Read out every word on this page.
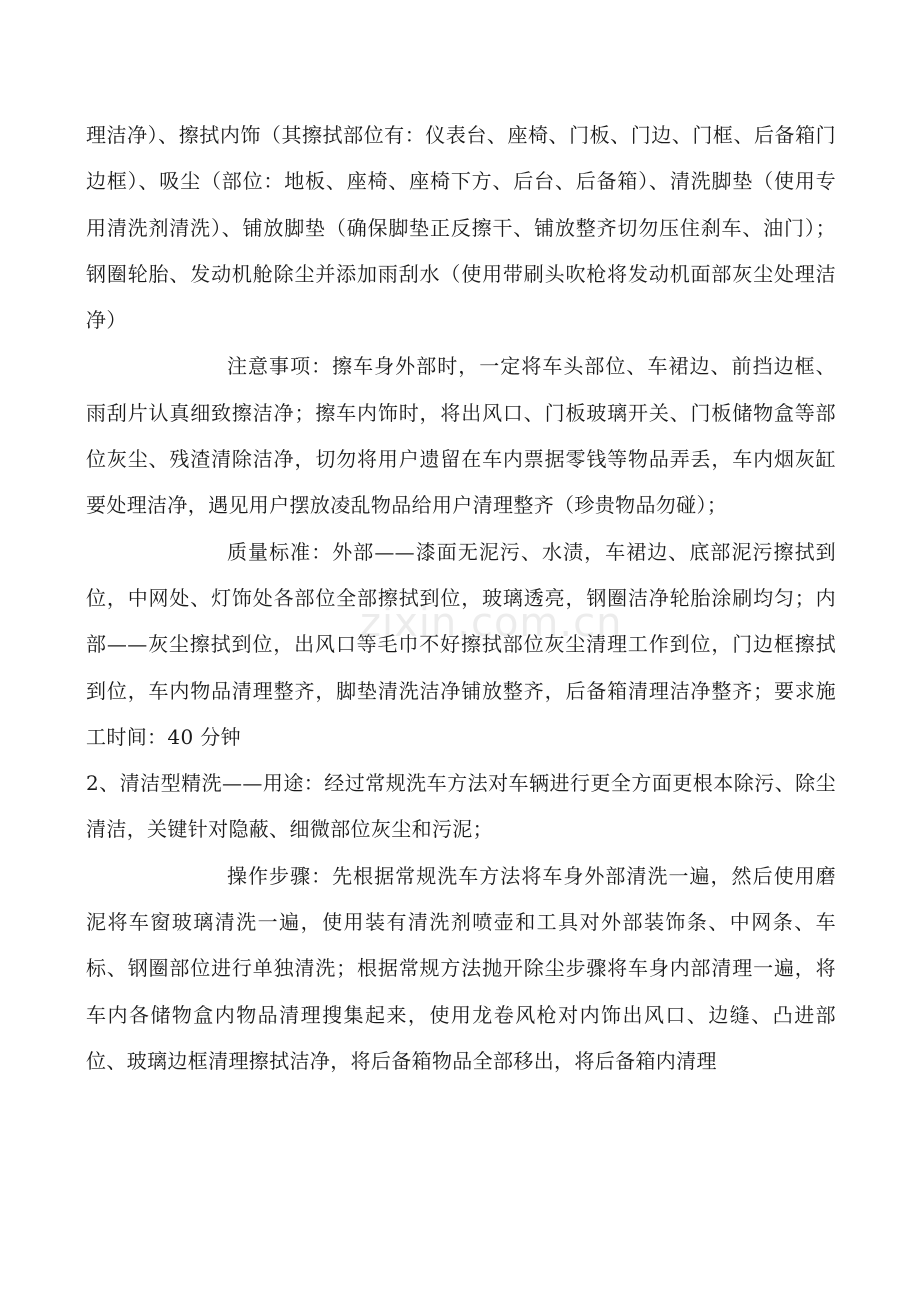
理洁净）、擦拭内饰（其擦拭部位有：仪表台、座椅、门板、门边、门框、后备箱门边框）、吸尘（部位：地板、座椅、座椅下方、后台、后备箱）、清洗脚垫（使用专用清洗剂清洗）、铺放脚垫（确保脚垫正反擦干、铺放整齐切勿压住刹车、油门）；钢圈轮胎、发动机舱除尘并添加雨刮水（使用带刷头吹枪将发动机面部灰尘处理洁净）

注意事项：擦车身外部时，一定将车头部位、车裙边、前挡边框、雨刮片认真细致擦洁净；擦车内饰时，将出风口、门板玻璃开关、门板储物盒等部位灰尘、残渣清除洁净，切勿将用户遗留在车内票据零钱等物品弄丢，车内烟灰缸要处理洁净，遇见用户摆放凌乱物品给用户清理整齐（珍贵物品勿碰）；

质量标准：外部——漆面无泥污、水渍，车裙边、底部泥污擦拭到位，中网处、灯饰处各部位全部擦拭到位，玻璃透亮，钢圈洁净轮胎涂刷均匀；内部——灰尘擦拭到位，出风口等毛巾不好擦拭部位灰尘清理工作到位，门边框擦拭到位，车内物品清理整齐，脚垫清洗洁净铺放整齐，后备箱清理洁净整齐；要求施工时间：40 分钟

2、清洁型精洗——用途：经过常规洗车方法对车辆进行更全方面更根本除污、除尘清洁，关键针对隐蔽、细微部位灰尘和污泥；

操作步骤：先根据常规洗车方法将车身外部清洗一遍，然后使用磨泥将车窗玻璃清洗一遍，使用装有清洗剂喷壶和工具对外部装饰条、中网条、车标、钢圈部位进行单独清洗；根据常规方法抛开除尘步骤将车身内部清理一遍，将车内各储物盒内物品清理搜集起来，使用龙卷风枪对内饰出风口、边缝、凸进部位、玻璃边框清理擦拭洁净，将后备箱物品全部移出，将后备箱内清理

zixin.com.cn
